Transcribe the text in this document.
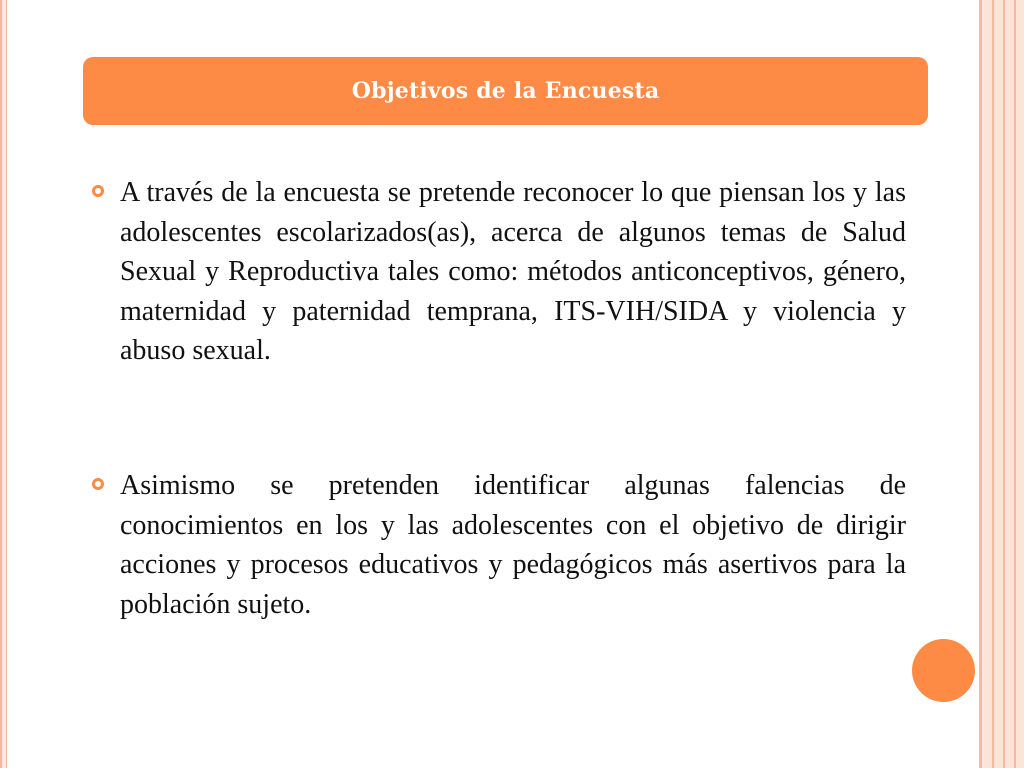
Objetivos de la Encuesta
A través de la encuesta se pretende reconocer lo que piensan los y las adolescentes escolarizados(as), acerca de algunos temas de Salud Sexual y Reproductiva tales como: métodos anticonceptivos, género, maternidad y paternidad temprana, ITS-VIH/SIDA y violencia y abuso sexual.
Asimismo se pretenden identificar algunas falencias de conocimientos en los y las adolescentes con el objetivo de dirigir acciones y procesos educativos y pedagógicos más asertivos para la población sujeto.
